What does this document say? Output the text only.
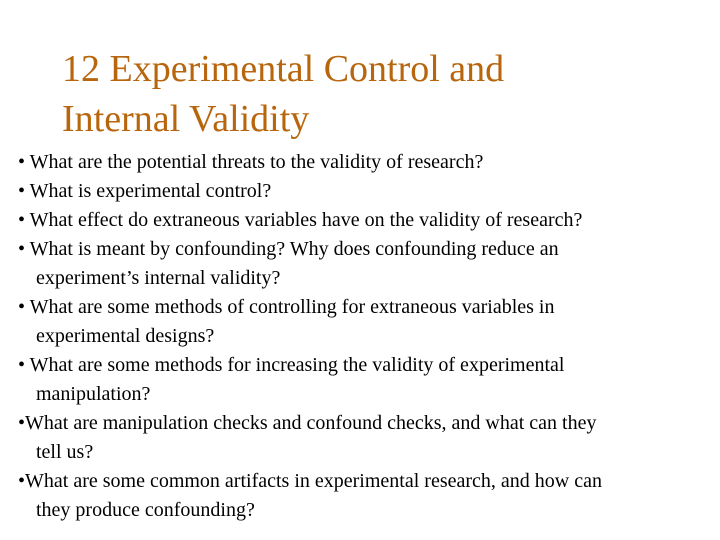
12 Experimental Control and
Internal Validity
• What are the potential threats to the validity of research?
• What is experimental control?
• What effect do extraneous variables have on the validity of research?
• What is meant by confounding? Why does confounding reduce an
experiment’s internal validity?
• What are some methods of controlling for extraneous variables in
experimental designs?
• What are some methods for increasing the validity of experimental
manipulation?
•What are manipulation checks and confound checks, and what can they
tell us?
•What are some common artifacts in experimental research, and how can
they produce confounding?
